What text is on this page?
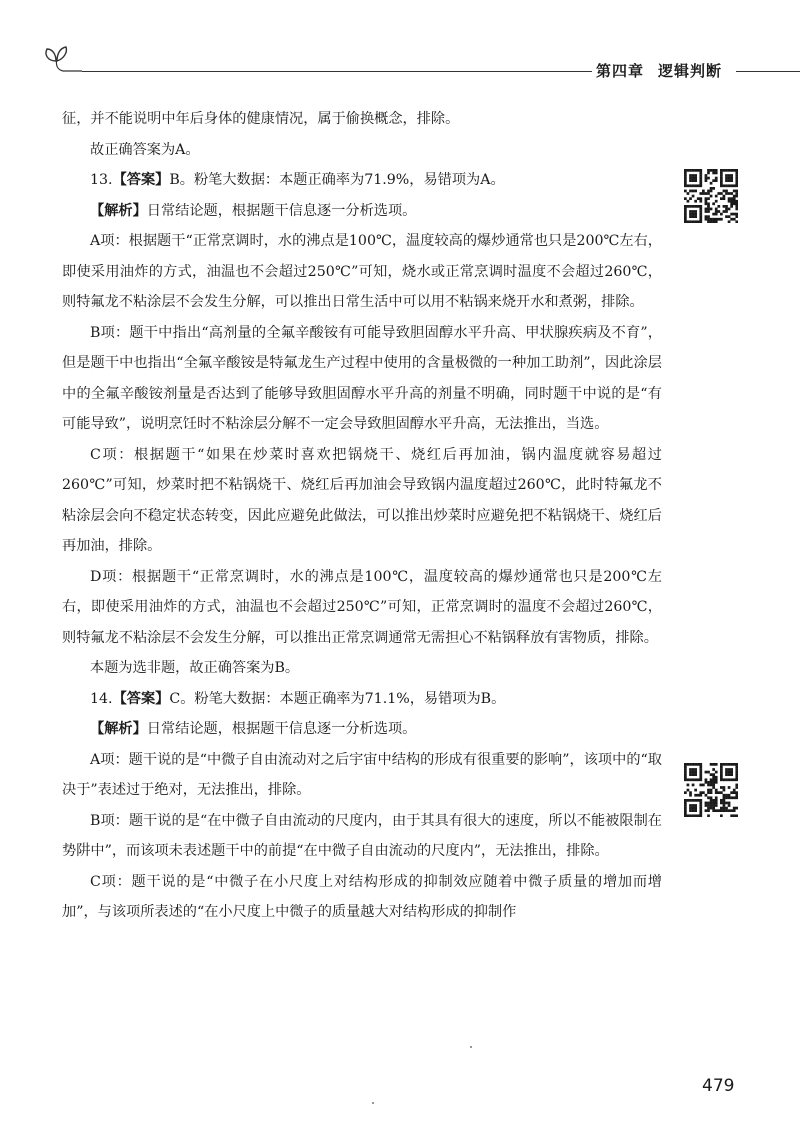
第四章 逻辑判断

征，并不能说明中年后身体的健康情况，属于偷换概念，排除。

故正确答案为A。

13.【答案】B。粉笔大数据：本题正确率为71.9%，易错项为A。

【解析】日常结论题，根据题干信息逐一分析选项。

A项：根据题干“正常烹调时，水的沸点是100℃，温度较高的爆炒通常也只是200℃左右，即使采用油炸的方式，油温也不会超过250℃”可知，烧水或正常烹调时温度不会超过260℃，则特氟龙不粘涂层不会发生分解，可以推出日常生活中可以用不粘锅来烧开水和煮粥，排除。

B项：题干中指出“高剂量的全氟辛酸铵有可能导致胆固醇水平升高、甲状腺疾病及不育”，但是题干中也指出“全氟辛酸铵是特氟龙生产过程中使用的含量极微的一种加工助剂”，因此涂层中的全氟辛酸铵剂量是否达到了能够导致胆固醇水平升高的剂量不明确，同时题干中说的是“有可能导致”，说明烹饪时不粘涂层分解不一定会导致胆固醇水平升高，无法推出，当选。

C项：根据题干“如果在炒菜时喜欢把锅烧干、烧红后再加油，锅内温度就容易超过260℃”可知，炒菜时把不粘锅烧干、烧红后再加油会导致锅内温度超过260℃，此时特氟龙不粘涂层会向不稳定状态转变，因此应避免此做法，可以推出炒菜时应避免把不粘锅烧干、烧红后再加油，排除。

D项：根据题干“正常烹调时，水的沸点是100℃，温度较高的爆炒通常也只是200℃左右，即使采用油炸的方式，油温也不会超过250℃”可知，正常烹调时的温度不会超过260℃，则特氟龙不粘涂层不会发生分解，可以推出正常烹调通常无需担心不粘锅释放有害物质，排除。

本题为选非题，故正确答案为B。

14.【答案】C。粉笔大数据：本题正确率为71.1%，易错项为B。

【解析】日常结论题，根据题干信息逐一分析选项。

A项：题干说的是“中微子自由流动对之后宇宙中结构的形成有很重要的影响”，该项中的“取决于”表述过于绝对，无法推出，排除。

B项：题干说的是“在中微子自由流动的尺度内，由于其具有很大的速度，所以不能被限制在势阱中”，而该项未表述题干中的前提“在中微子自由流动的尺度内”，无法推出，排除。

C项：题干说的是“中微子在小尺度上对结构形成的抑制效应随着中微子质量的增加而增加”，与该项所表述的“在小尺度上中微子的质量越大对结构形成的抑制作

479
